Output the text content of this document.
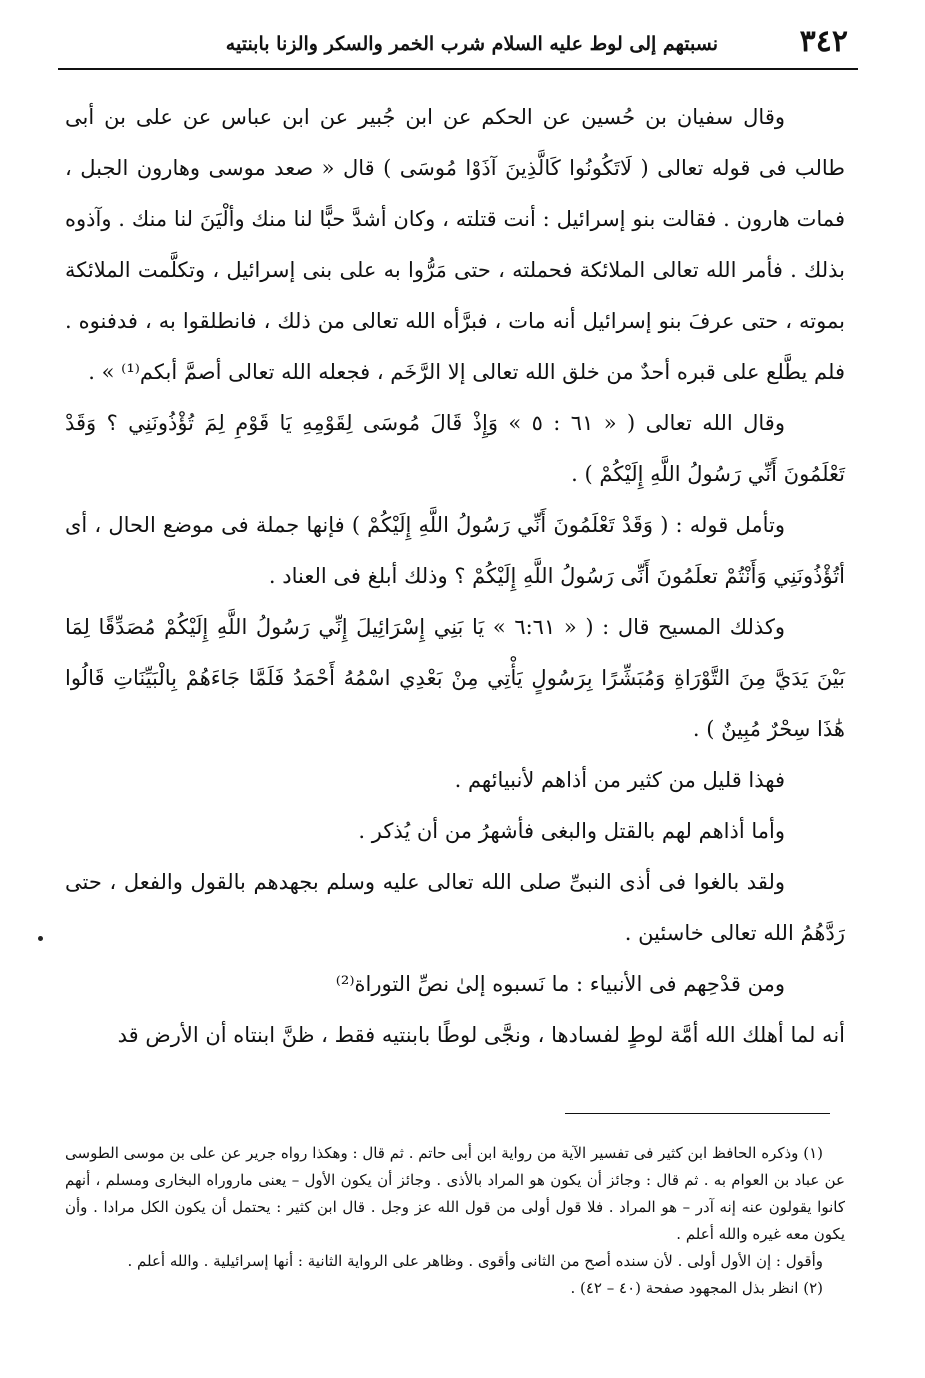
٣٤٢
نسبتهم إلى لوط عليه السلام شرب الخمر والسكر والزنا بابنتيه

وقال سفيان بن حُسين عن الحكم عن ابن جُبير عن ابن عباس عن على بن أبى طالب فى قوله تعالى ( لَاتَكُونُوا كَالَّذِينَ آذَوْا مُوسَى ) قال « صعد موسى وهارون الجبل ، فمات هارون . فقالت بنو إسرائيل : أنت قتلته ، وكان أشدَّ حبًّا لنا منك وألْيَنَ لنا منك . وآذوه بذلك . فأمر الله تعالى الملائكة فحملته ، حتى مَرُّوا به على بنى إسرائيل ، وتكلَّمت الملائكة بموته ، حتى عرفَ بنو إسرائيل أنه مات ، فبرَّأه الله تعالى من ذلك ، فانطلقوا به ، فدفنوه . فلم يطَّلع على قبره أحدٌ من خلق الله تعالى إلا الرَّخَم ، فجعله الله تعالى أصمَّ أبكم⁽¹⁾ » .

وقال الله تعالى ( « ٦١ : ٥ » وَإِذْ قَالَ مُوسَى لِقَوْمِهِ يَا قَوْمِ لِمَ تُؤْذُونَنِي ؟ وَقَدْ تَعْلَمُونَ أَنِّي رَسُولُ اللَّهِ إِلَيْكُمْ ) .

وتأمل قوله : ( وَقَدْ تَعْلَمُونَ أَنِّي رَسُولُ اللَّهِ إِلَيْكُمْ ) فإنها جملة فى موضع الحال ، أى أتُؤْذُونَنِي وَأَنْتُمْ تعلَمُونَ أَنِّى رَسُولُ اللَّهِ إِلَيْكُمْ ؟ وذلك أبلغ فى العناد .

وكذلك المسيح قال : ( « ٦:٦١ » يَا بَنِي إِسْرَائِيلَ إِنِّي رَسُولُ اللَّهِ إِلَيْكُمْ مُصَدِّقًا لِمَا بَيْنَ يَدَيَّ مِنَ التَّوْرَاةِ وَمُبَشِّرًا بِرَسُولٍ يَأْتِي مِنْ بَعْدِي اسْمُهُ أَحْمَدُ فَلَمَّا جَاءَهُمْ بِالْبَيِّنَاتِ قَالُوا هَٰذَا سِحْرٌ مُبِينٌ ) .

فهذا قليل من كثير من أذاهم لأنبيائهم .

وأما أذاهم لهم بالقتل والبغى فأشهرُ من أن يُذكر .

ولقد بالغوا فى أذى النبىِّ صلى الله تعالى عليه وسلم بجهدهم بالقول والفعل ، حتى رَدَّهُمُ الله تعالى خاسئين .

ومن قدْحِهم فى الأنبياء : ما نَسبوه إلىٰ نصِّ التوراة⁽²⁾

أنه لما أهلك الله أمَّة لوطٍ لفسادها ، ونجَّى لوطًا بابنتيه فقط ، ظنَّ ابنتاه أن الأرض قد

(١) وذكره الحافظ ابن كثير فى تفسير الآية من رواية ابن أبى حاتم . ثم قال : وهكذا رواه جرير عن على بن موسى الطوسى عن عباد بن العوام به . ثم قال : وجائز أن يكون هو المراد بالأذى . وجائز أن يكون الأول – يعنى ماروراه البخارى ومسلم ، أنهم كانوا يقولون عنه إنه آدر – هو المراد . فلا قول أولى من قول الله عز وجل . قال ابن كثير : يحتمل أن يكون الكل مرادا . وأن يكون معه غيره والله أعلم .

وأقول : إن الأول أولى . لأن سنده أصح من الثانى وأقوى . وظاهر على الرواية الثانية : أنها إسرائيلية . والله أعلم .

(٢) انظر بذل المجهود صفحة (٤٠ – ٤٢) .
